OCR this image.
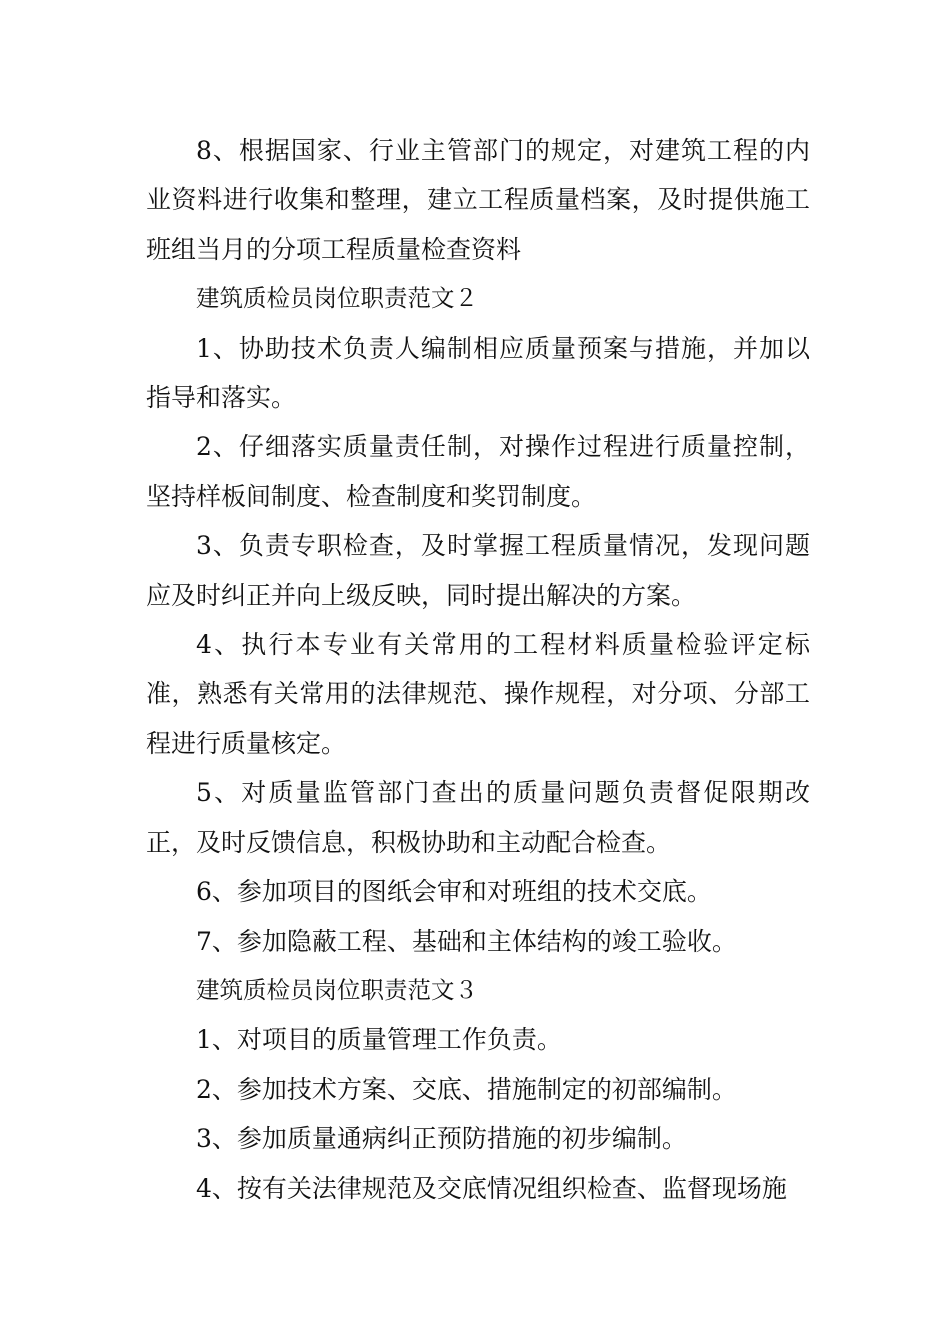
8、根据国家、行业主管部门的规定，对建筑工程的内业资料进行收集和整理，建立工程质量档案，及时提供施工班组当月的分项工程质量检查资料

建筑质检员岗位职责范文２

1、协助技术负责人编制相应质量预案与措施，并加以指导和落实。

2、仔细落实质量责任制，对操作过程进行质量控制，坚持样板间制度、检查制度和奖罚制度。

3、负责专职检查，及时掌握工程质量情况，发现问题应及时纠正并向上级反映，同时提出解决的方案。

4、执行本专业有关常用的工程材料质量检验评定标准，熟悉有关常用的法律规范、操作规程，对分项、分部工程进行质量核定。

5、对质量监管部门查出的质量问题负责督促限期改正，及时反馈信息，积极协助和主动配合检查。

6、参加项目的图纸会审和对班组的技术交底。

7、参加隐蔽工程、基础和主体结构的竣工验收。

建筑质检员岗位职责范文３

1、对项目的质量管理工作负责。

2、参加技术方案、交底、措施制定的初部编制。

3、参加质量通病纠正预防措施的初步编制。

4、按有关法律规范及交底情况组织检查、监督现场施
